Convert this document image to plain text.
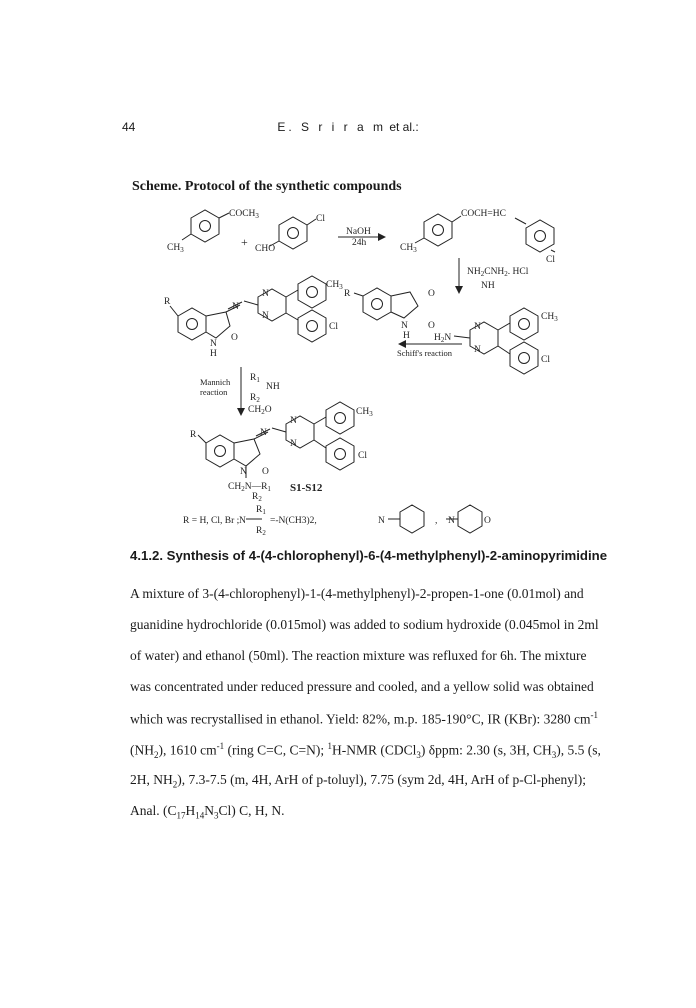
44	E. S r i r a m et al.:
Scheme. Protocol of the synthetic compounds
$COCH_3$
$CH_3$
+
Cl
CHO
NaOH
24h
COCH=HC
$CH_3$
Cl
$NH_2CNH_2$. HCl
NH
R	N
N
N
$CH_3$
Cl
O
N
H
R	O
O
N
H	$H_2N$
N
N
$CH_3$
Cl
Schiff's reaction
Mannich
reaction
$R_1$
NH
$R_2$
$CH_2O$
R	N
N
N
$CH_3$
Cl
O
N
$CH_2N—R_1$
$R_2$
S1-S12
R = H, Cl, Br ; N
$R_1$
$R_2$
=-N(CH3)2,	N	, N	O
4.1.2. Synthesis of 4-(4-chlorophenyl)-6-(4-methylphenyl)-2-aminopyrimidine
A mixture of 3-(4-chlorophenyl)-1-(4-methylphenyl)-2-propen-1-one (0.01mol) and
guanidine hydrochloride (0.015mol) was added to sodium hydroxide (0.045mol in 2ml
of water) and ethanol (50ml). The reaction mixture was refluxed for 6h. The mixture
was concentrated under reduced pressure and cooled, and a yellow solid was obtained
which was recrystallised in ethanol. Yield: 82%, m.p. 185-190°C, IR (KBr): 3280 $cm^{-1}$
$(NH_2)$, 1610 $cm^{-1}$ (ring C=C, C=N); $^1$H-NMR (CDCl$_3$) δppm: 2.30 (s, 3H, $CH_3$), 5.5 (s,
2H, $NH_2$), 7.3-7.5 (m, 4H, ArH of p-toluyl), 7.75 (sym 2d, 4H, ArH of p-Cl-phenyl);
Anal. $(C_{17}H_{14}N_3Cl)$ C, H, N.
